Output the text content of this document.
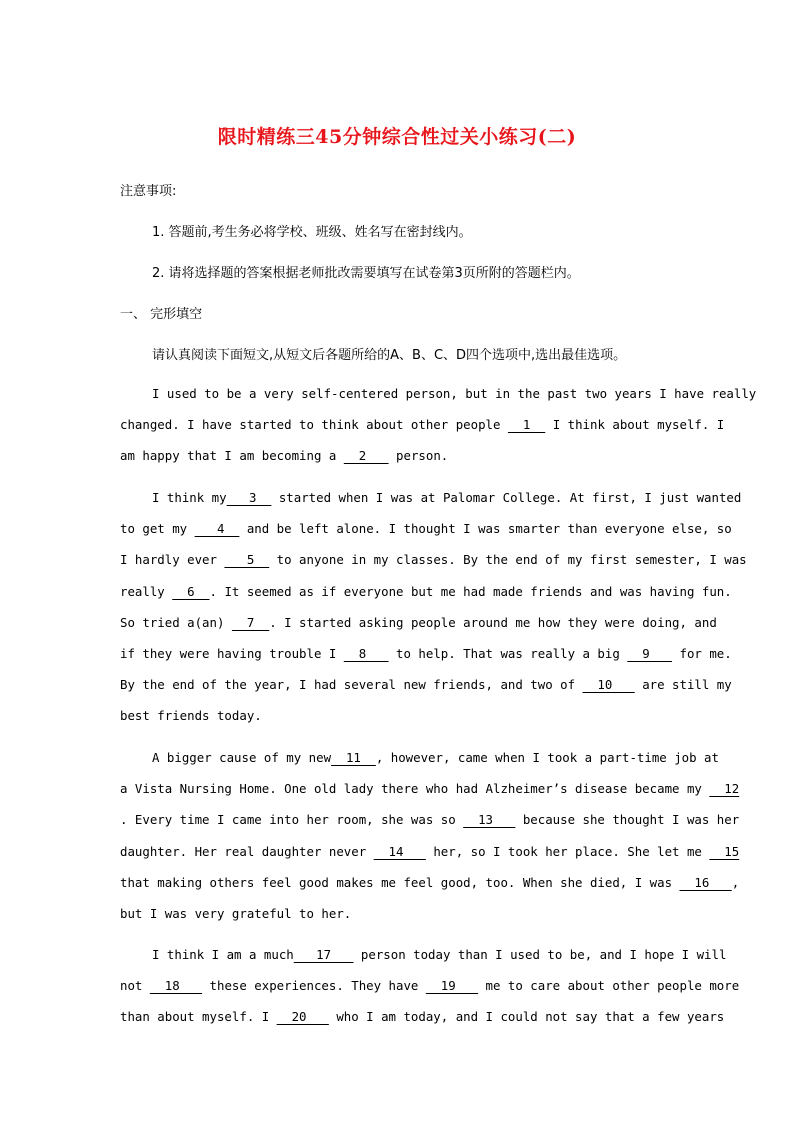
限时精练三45分钟综合性过关小练习(二)
注意事项:
1. 答题前,考生务必将学校、班级、姓名写在密封线内。
2. 请将选择题的答案根据老师批改需要填写在试卷第3页所附的答题栏内。
一、 完形填空
请认真阅读下面短文,从短文后各题所给的A、B、C、D四个选项中,选出最佳选项。
I used to be a very self-centered person, but in the past two years I have really
changed. I have started to think about other people   1   I think about myself. I
am happy that I am becoming a   2    person.
I think my   3   started when I was at Palomar College. At first, I just wanted
to get my    4   and be left alone. I thought I was smarter than everyone else, so
I hardly ever    5   to anyone in my classes. By the end of my first semester, I was
really   6  . It seemed as if everyone but me had made friends and was having fun.
So tried a(an)   7  . I started asking people around me how they were doing, and
if they were having trouble I   8    to help. That was really a big   9    for me.
By the end of the year, I had several new friends, and two of   10    are still my
best friends today.
A bigger cause of my new  11  , however, came when I took a part-time job at
a Vista Nursing Home. One old lady there who had Alzheimer’s disease became my   12
. Every time I came into her room, she was so   13    because she thought I was her
daughter. Her real daughter never   14    her, so I took her place. She let me   15
that making others feel good makes me feel good, too. When she died, I was   16   ,
but I was very grateful to her.
I think I am a much   17    person today than I used to be, and I hope I will
not   18    these experiences. They have   19    me to care about other people more
than about myself. I   20    who I am today, and I could not say that a few years
